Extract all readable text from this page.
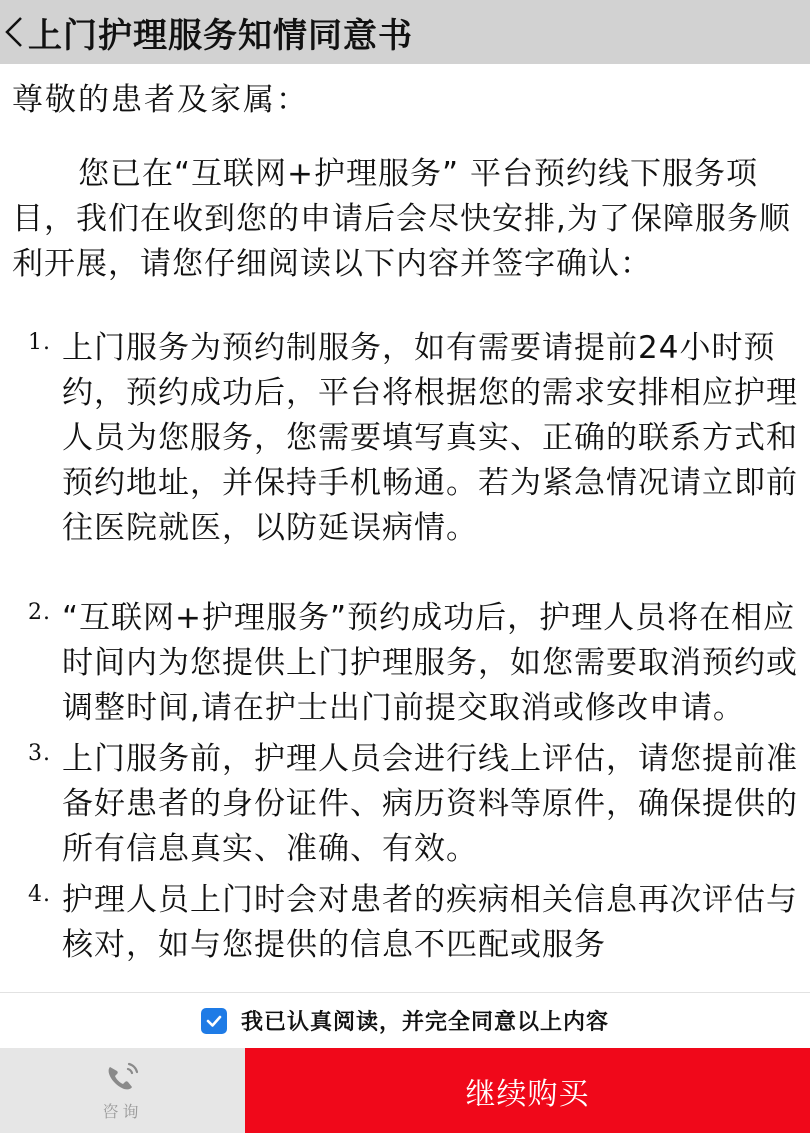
上门护理服务知情同意书
尊敬的患者及家属：
您已在“互联网+护理服务” 平台预约线下服务项目，我们在收到您的申请后会尽快安排,为了保障服务顺利开展，请您仔细阅读以下内容并签字确认：
1. 上门服务为预约制服务，如有需要请提前24小时预约，预约成功后，平台将根据您的需求安排相应护理人员为您服务，您需要填写真实、正确的联系方式和预约地址，并保持手机畅通。若为紧急情况请立即前往医院就医，以防延误病情。
2. “互联网+护理服务”预约成功后，护理人员将在相应时间内为您提供上门护理服务，如您需要取消预约或调整时间,请在护士出门前提交取消或修改申请。
3. 上门服务前，护理人员会进行线上评估，请您提前准备好患者的身份证件、病历资料等原件，确保提供的所有信息真实、准确、有效。
4. 护理人员上门时会对患者的疾病相关信息再次评估与核对，如与您提供的信息不匹配或服务
我已认真阅读，并完全同意以上内容
咨询	继续购买
